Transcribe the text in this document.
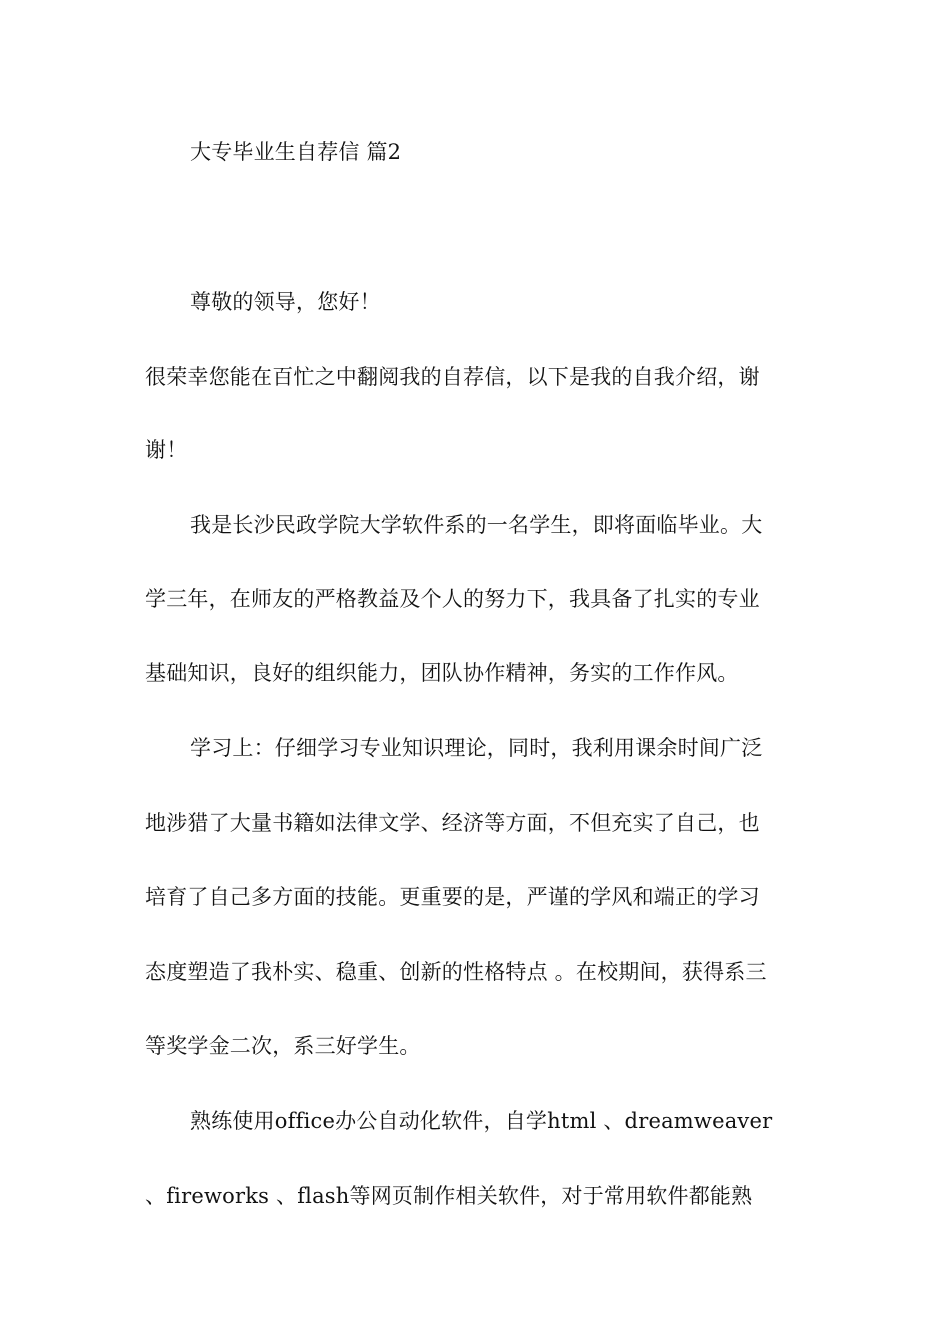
大专毕业生自荐信 篇2
尊敬的领导，您好！
很荣幸您能在百忙之中翻阅我的自荐信，以下是我的自我介绍，谢
谢！
我是长沙民政学院大学软件系的一名学生，即将面临毕业。大
学三年，在师友的严格教益及个人的努力下，我具备了扎实的专业
基础知识，良好的组织能力，团队协作精神，务实的工作作风。
学习上：仔细学习专业知识理论，同时，我利用课余时间广泛
地涉猎了大量书籍如法律文学、经济等方面，不但充实了自己，也
培育了自己多方面的技能。更重要的是，严谨的学风和端正的学习
态度塑造了我朴实、稳重、创新的性格特点 。在校期间，获得系三
等奖学金二次，系三好学生。
熟练使用office办公自动化软件，自学html 、dreamweaver
、fireworks 、flash等网页制作相关软件，对于常用软件都能熟
